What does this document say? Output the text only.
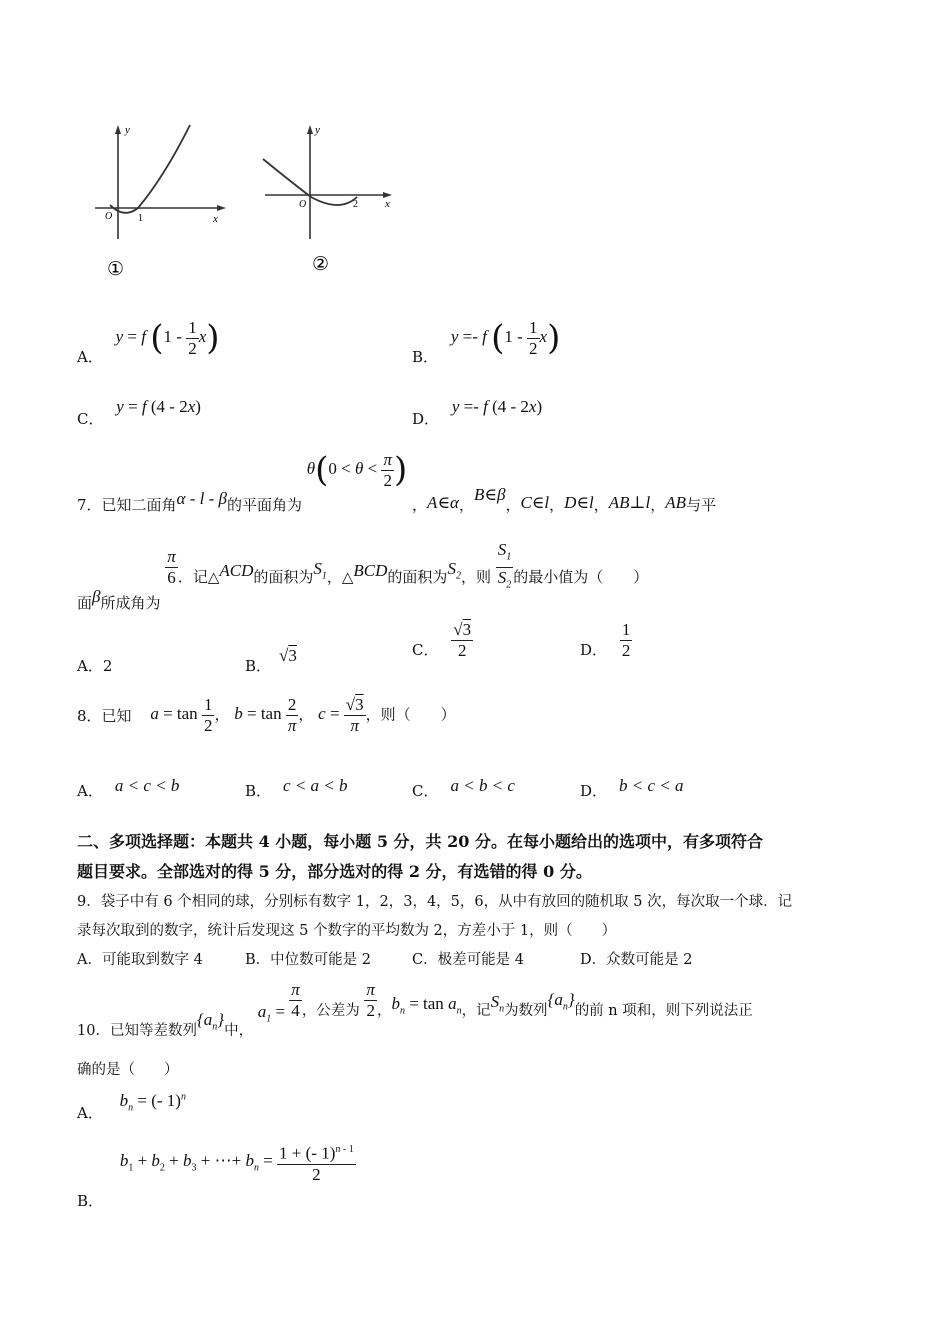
y
x
O	1
①
y
x
O	2
②
A． y = f $(1 - \frac{1}{2} x)$	B． y =- f $(1 - \frac{1}{2} x)$
C． y = f (4 - 2x)
D． y =- f (4 - 2x)
7．已知二面角α - l - β的平面角为 $\theta(0 < \theta < \frac{\pi}{2}$ ) ，A∈α，B∈β，C∈l，D∈l，AB⊥l，AB与平
面β所成角为
$\frac{\pi}{6}$ ．记△ACD的面积为$S_1$，△BCD的面积为$S_2$，则 $\frac{S_1}{S_2}$ 的最小值为（　　）
A．2	B．√3	C． $\frac{√3}{2}$	D． $\frac{1}{2}$
8．已知 $a = \tan \frac{1}{2}$ ， $b = \tan \frac{2}{\pi}$ ， $c = \frac{√3}{\pi}$ ，则（　　）
A． a < c < b	B． c < a < b	C． a < b < c	D． b < c < a
二、多项选择题：本题共 4 小题，每小题 5 分，共 20 分。在每小题给出的选项中，有多项符合
题目要求。全部选对的得 5 分，部分选对的得 2 分，有选错的得 0 分。
9．袋子中有 6 个相同的球，分别标有数字 1，2，3，4，5，6，从中有放回的随机取 5 次，每次取一个球．记
录每次取到的数字，统计后发现这 5 个数字的平均数为 2，方差小于 1，则（　　）
A．可能取到数字 4	B．中位数可能是 2	C．极差可能是 4	D．众数可能是 2
10．已知等差数列$\{a_n\}$中， $a_1 = \frac{\pi}{4}$ ，公差为 $\frac{\pi}{2}$ ，$b_n = \tan a_n$，记$S_n$为数列$\{a_n\}$的前 n 项和，则下列说法正
确的是（　　）
A． $b_n$ = (- 1)$^n$
B． $b_1 + b_2 + b_3$ + ⋯+ $b_n = \frac{1 + (- 1)^{n - 1}}{2}$
